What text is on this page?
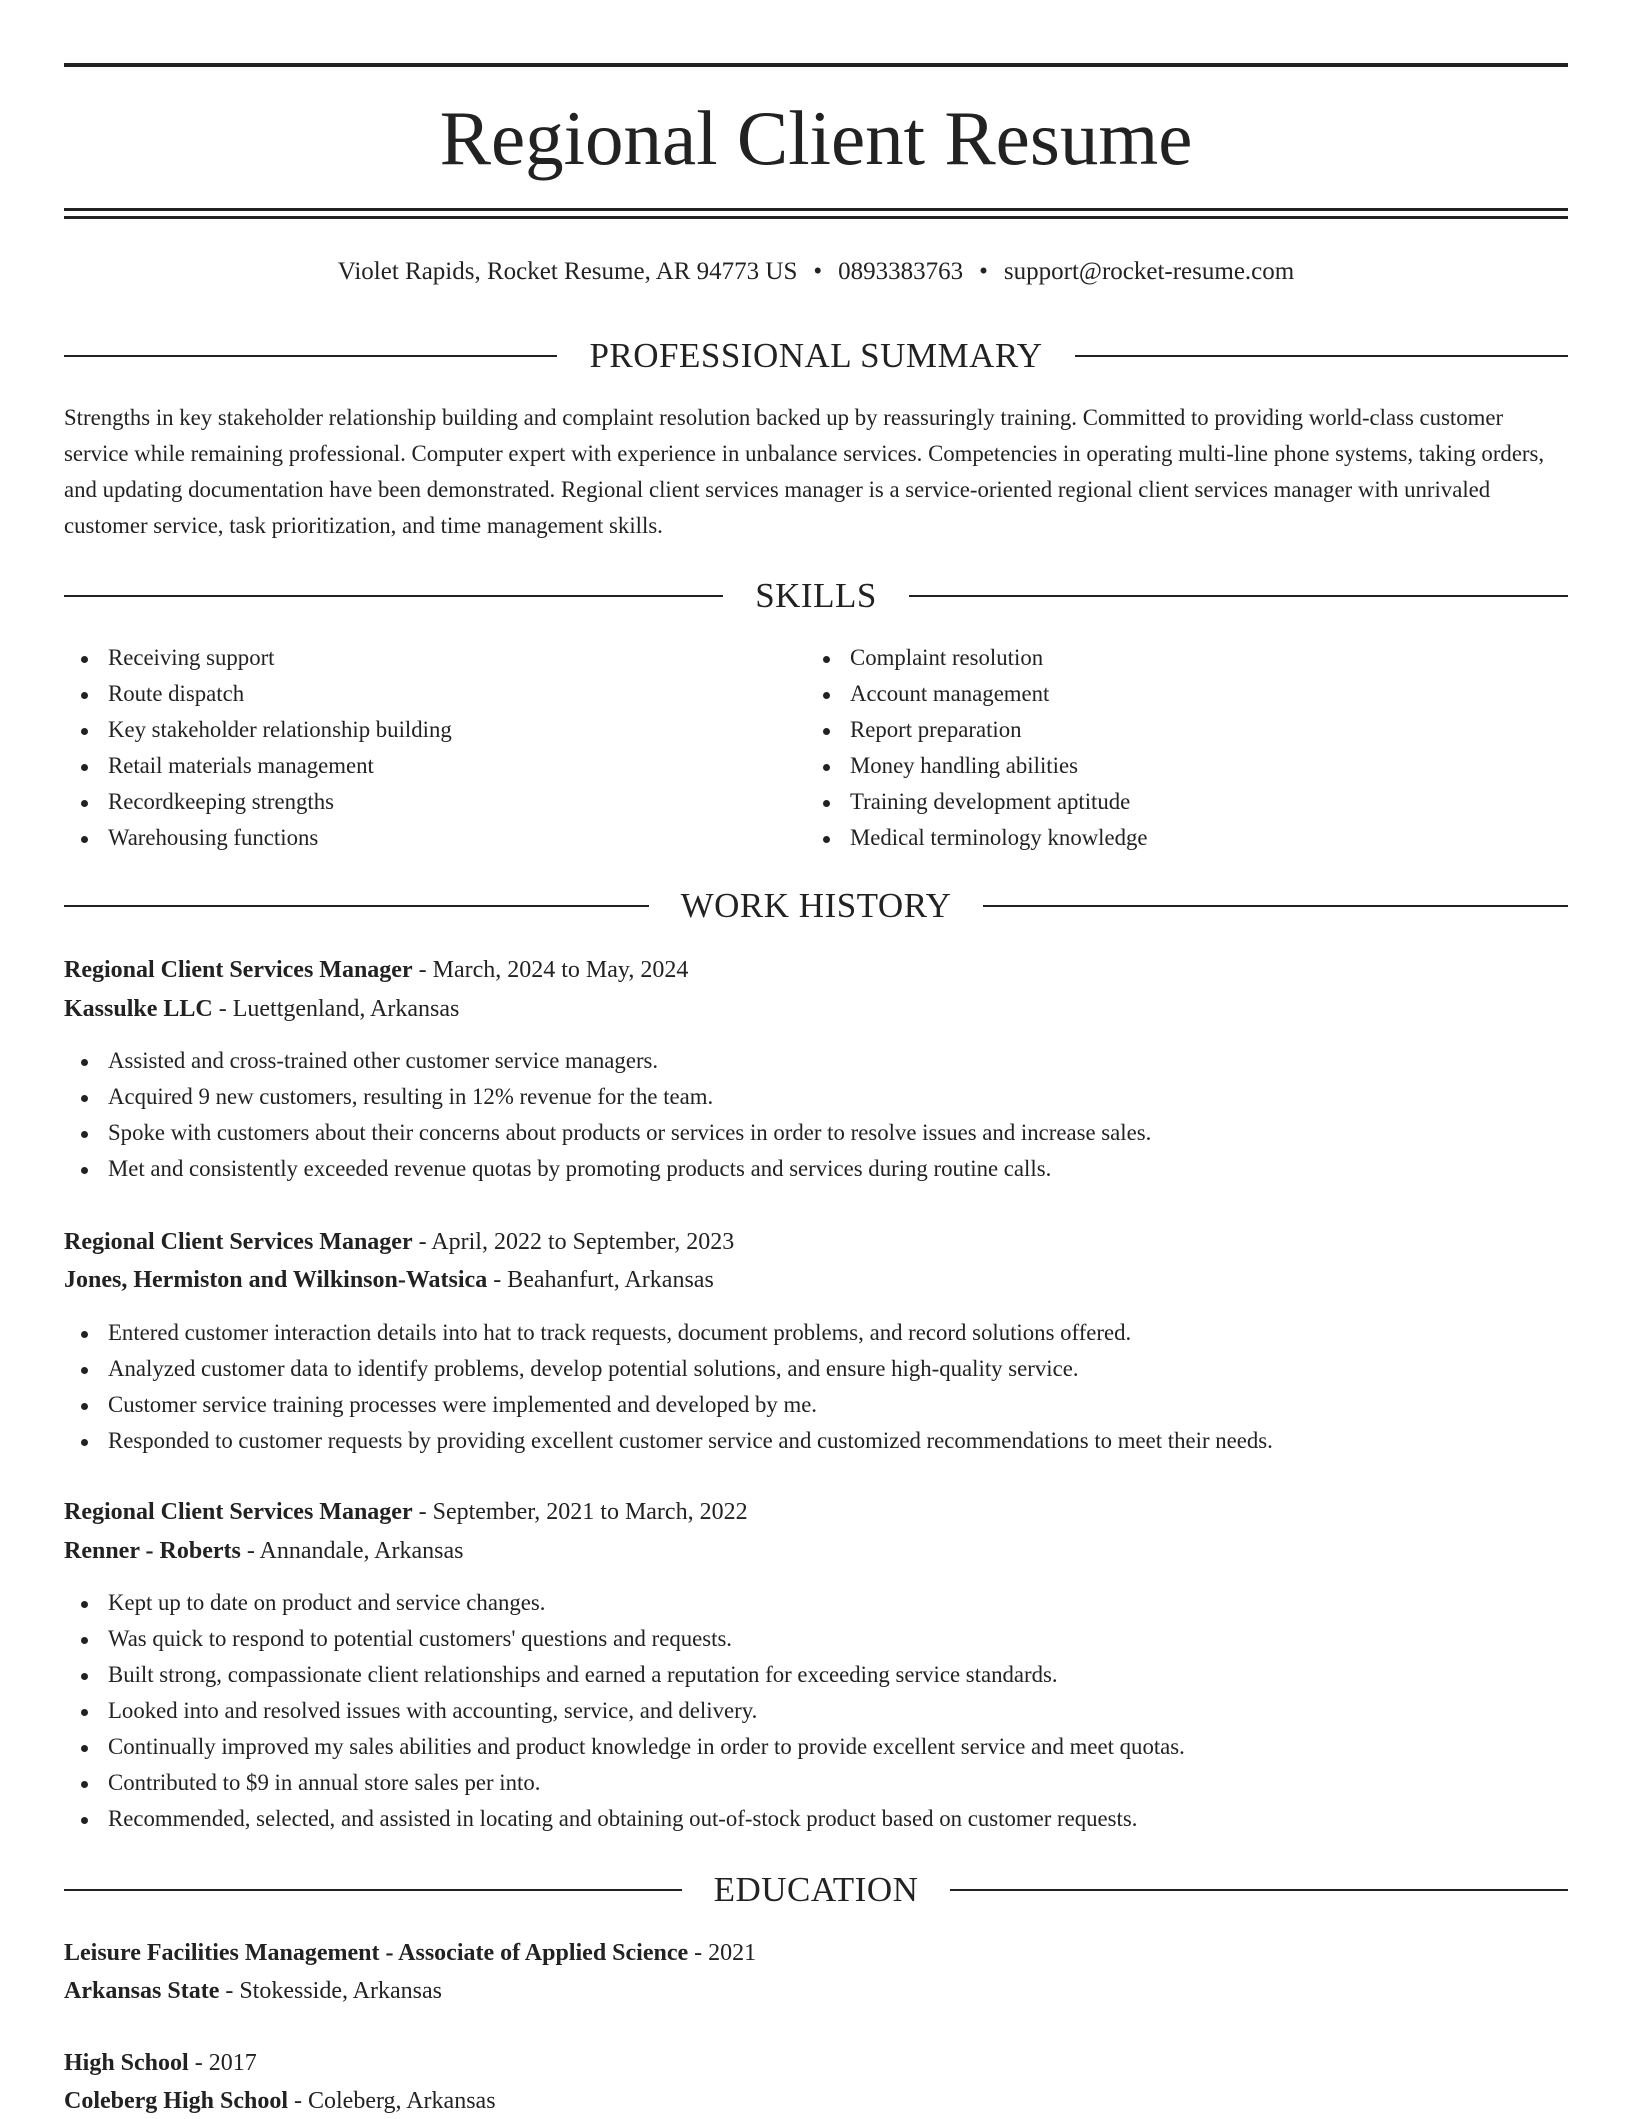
Regional Client Resume
Violet Rapids, Rocket Resume, AR 94773 US • 0893383763 • support@rocket-resume.com
PROFESSIONAL SUMMARY

Strengths in key stakeholder relationship building and complaint resolution backed up by reassuringly training. Committed to providing world-class customer service while remaining professional. Computer expert with experience in unbalance services. Competencies in operating multi-line phone systems, taking orders, and updating documentation have been demonstrated. Regional client services manager is a service-oriented regional client services manager with unrivaled customer service, task prioritization, and time management skills.

SKILLS
Receiving support
Route dispatch
Key stakeholder relationship building
Retail materials management
Recordkeeping strengths
Warehousing functions
Complaint resolution
Account management
Report preparation
Money handling abilities
Training development aptitude
Medical terminology knowledge
WORK HISTORY
Regional Client Services Manager - March, 2024 to May, 2024
Kassulke LLC - Luettgenland, Arkansas
Assisted and cross-trained other customer service managers.
Acquired 9 new customers, resulting in 12% revenue for the team.
Spoke with customers about their concerns about products or services in order to resolve issues and increase sales.
Met and consistently exceeded revenue quotas by promoting products and services during routine calls.
Regional Client Services Manager - April, 2022 to September, 2023
Jones, Hermiston and Wilkinson-Watsica - Beahanfurt, Arkansas
Entered customer interaction details into hat to track requests, document problems, and record solutions offered.
Analyzed customer data to identify problems, develop potential solutions, and ensure high-quality service.
Customer service training processes were implemented and developed by me.
Responded to customer requests by providing excellent customer service and customized recommendations to meet their needs.
Regional Client Services Manager - September, 2021 to March, 2022
Renner - Roberts - Annandale, Arkansas
Kept up to date on product and service changes.
Was quick to respond to potential customers' questions and requests.
Built strong, compassionate client relationships and earned a reputation for exceeding service standards.
Looked into and resolved issues with accounting, service, and delivery.
Continually improved my sales abilities and product knowledge in order to provide excellent service and meet quotas.
Contributed to $9 in annual store sales per into.
Recommended, selected, and assisted in locating and obtaining out-of-stock product based on customer requests.
EDUCATION
Leisure Facilities Management - Associate of Applied Science - 2021
Arkansas State - Stokesside, Arkansas
High School - 2017
Coleberg High School - Coleberg, Arkansas
